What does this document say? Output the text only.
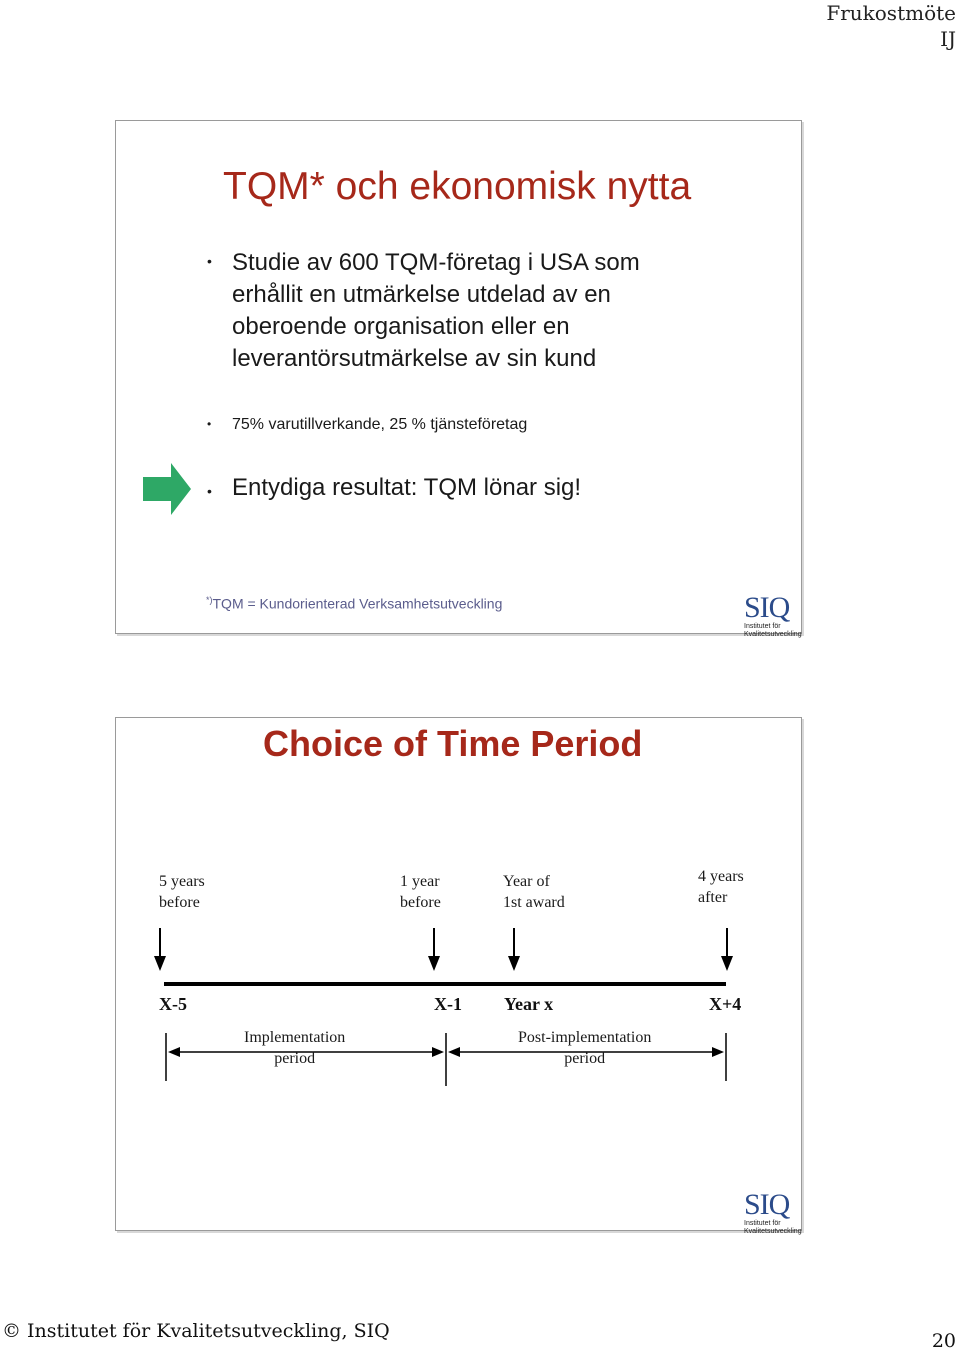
Frukostmöte
IJ
TQM* och ekonomisk nytta
• Studie av 600 TQM-företag i USA som
erhållit en utmärkelse utdelad av en
oberoende organisation eller en
leverantörsutmärkelse av sin kund
• 75% varutillverkande, 25 % tjänsteföretag
• Entydiga resultat: TQM lönar sig!
*)TQM = Kundorienterad Verksamhetsutveckling	SIQ
Institutet för
Kvalitetsutveckling
Choice of Time Period
5 years
before
1 year
before
Year of
1st award
4 years
after
X-5	X-1 Year x	X+4
Implementation
period
Post-implementation
period
SIQ
Institutet för
Kvalitetsutveckling
© Institutet för Kvalitetsutveckling, SIQ	20
